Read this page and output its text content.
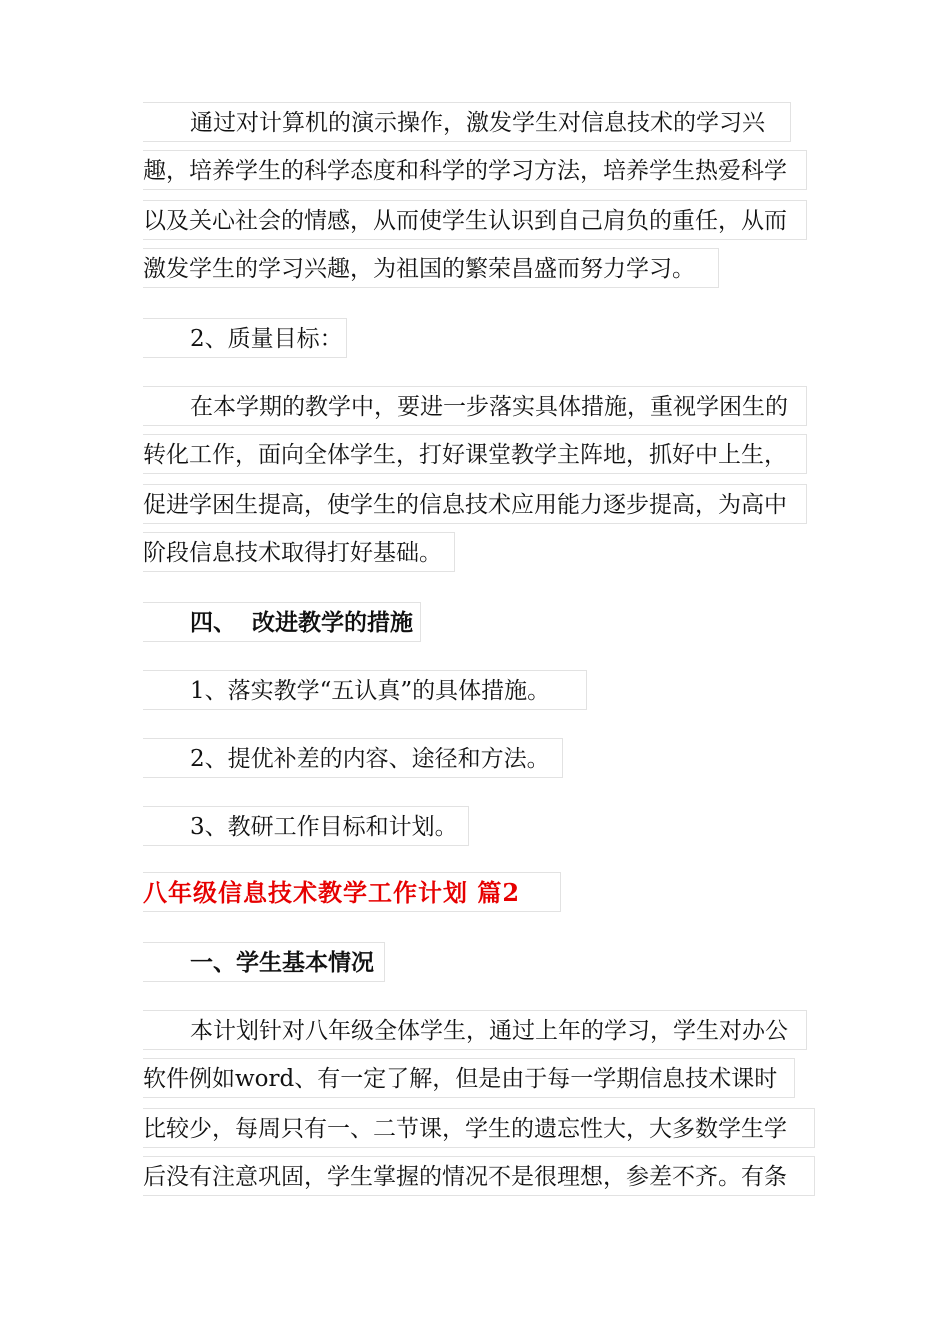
通过对计算机的演示操作，激发学生对信息技术的学习兴
趣，培养学生的科学态度和科学的学习方法，培养学生热爱科学
以及关心社会的情感，从而使学生认识到自己肩负的重任，从而
激发学生的学习兴趣，为祖国的繁荣昌盛而努力学习。
2、质量目标：
在本学期的教学中，要进一步落实具体措施，重视学困生的
转化工作，面向全体学生，打好课堂教学主阵地，抓好中上生，
促进学困生提高，使学生的信息技术应用能力逐步提高，为高中
阶段信息技术取得打好基础。
四、  改进教学的措施
1、落实教学“五认真”的具体措施。
2、提优补差的内容、途径和方法。
3、教研工作目标和计划。
八年级信息技术教学工作计划 篇2
一、学生基本情况
本计划针对八年级全体学生，通过上年的学习，学生对办公
软件例如word、有一定了解，但是由于每一学期信息技术课时
比较少，每周只有一、二节课，学生的遗忘性大，大多数学生学
后没有注意巩固，学生掌握的情况不是很理想，参差不齐。有条
